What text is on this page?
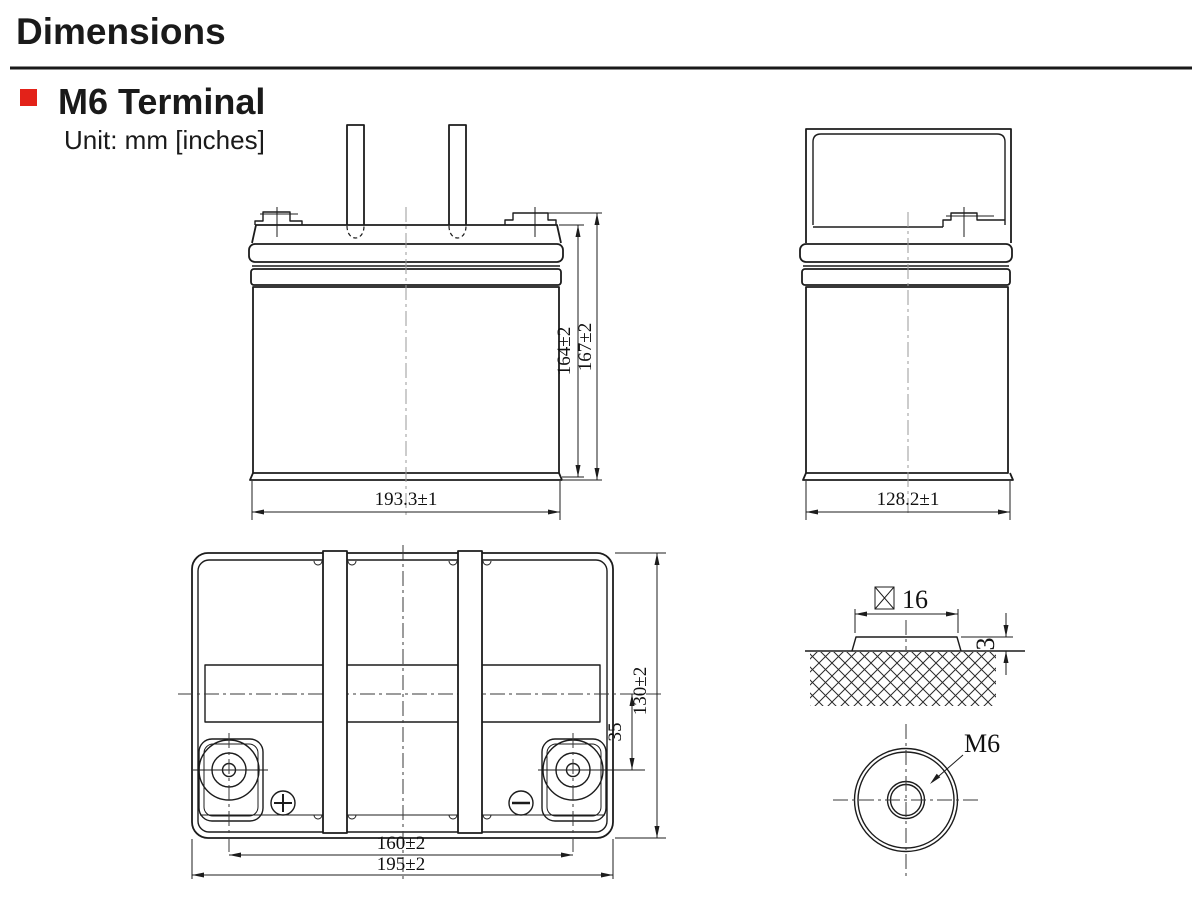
Dimensions
M6 Terminal
Unit: mm [inches]
164±2 167±2
193.3±1	128.2±1
160±2
195±2
35
130±2
16
3
M6
